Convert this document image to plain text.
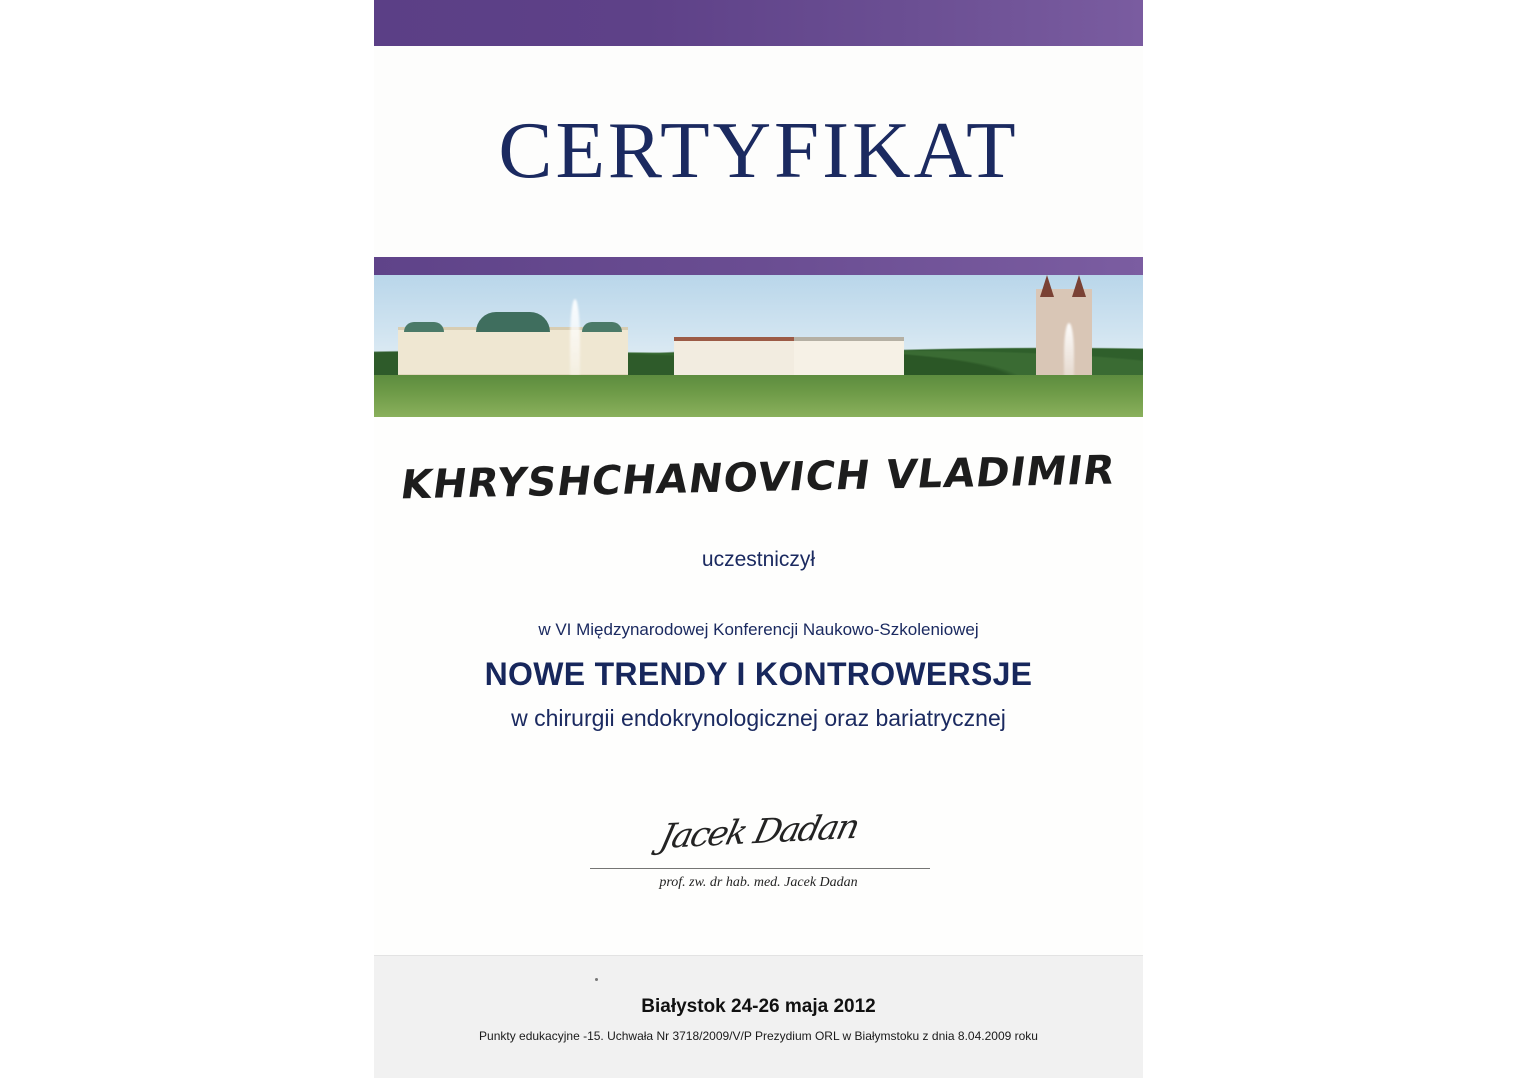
CERTYFIKAT
KHRYSHCHANOVICH VLADIMIR
uczestniczył
w VI Międzynarodowej Konferencji Naukowo-Szkoleniowej
NOWE TRENDY I KONTROWERSJE
w chirurgii endokrynologicznej oraz bariatrycznej
Jacek Dadan
prof. zw. dr hab. med. Jacek Dadan
Białystok 24-26 maja 2012
Punkty edukacyjne -15. Uchwała Nr 3718/2009/V/P Prezydium ORL w Białymstoku z dnia 8.04.2009 roku
